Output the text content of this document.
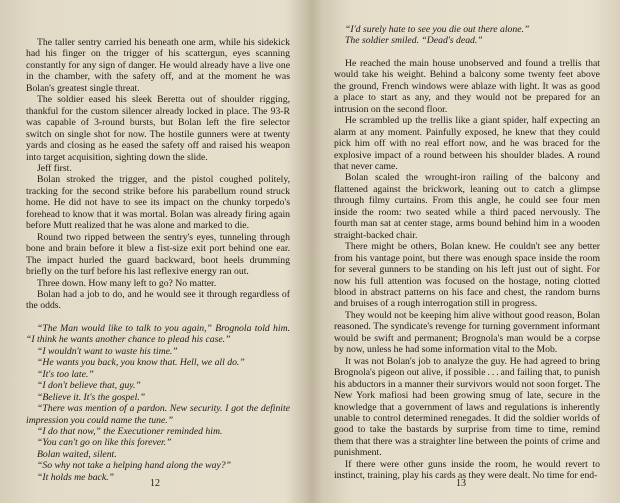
The taller sentry carried his beneath one arm, while his sidekick had his finger on the trigger of his scattergun, eyes scanning constantly for any sign of danger. He would already have a live one in the chamber, with the safety off, and at the moment he was Bolan's greatest single threat.

The soldier eased his sleek Beretta out of shoulder rigging, thankful for the custom silencer already locked in place. The 93-R was capable of 3-round bursts, but Bolan left the fire selector switch on single shot for now. The hostile gunners were at twenty yards and closing as he eased the safety off and raised his weapon into target acquisition, sighting down the slide.

Jeff first.

Bolan stroked the trigger, and the pistol coughed politely, tracking for the second strike before his parabellum round struck home. He did not have to see its impact on the chunky torpedo's forehead to know that it was mortal. Bolan was already firing again before Mutt realized that he was alone and marked to die.

Round two ripped between the sentry's eyes, tunneling through bone and brain before it blew a fist-size exit port behind one ear. The impact hurled the guard backward, boot heels drumming briefly on the turf before his last reflexive energy ran out.

Three down. How many left to go? No matter.

Bolan had a job to do, and he would see it through regardless of the odds.

“The Man would like to talk to you again,” Brognola told him. “I think he wants another chance to plead his case.”

“I wouldn't want to waste his time.”

“He wants you back, you know that. Hell, we all do.”

“It's too late.”

“I don't believe that, guy.”

“Believe it. It's the gospel.”

“There was mention of a pardon. New security. I got the definite impression you could name the tune.”

“I do that now,” the Executioner reminded him.

“You can't go on like this forever.”

Bolan waited, silent.

“So why not take a helping hand along the way?”

“It holds me back.”

12

“I'd surely hate to see you die out there alone.”

The soldier smiled. “Dead's dead.”

He reached the main house unobserved and found a trellis that would take his weight. Behind a balcony some twenty feet above the ground, French windows were ablaze with light. It was as good a place to start as any, and they would not be prepared for an intrusion on the second floor.

He scrambled up the trellis like a giant spider, half expecting an alarm at any moment. Painfully exposed, he knew that they could pick him off with no real effort now, and he was braced for the explosive impact of a round between his shoulder blades. A round that never came.

Bolan scaled the wrought-iron railing of the balcony and flattened against the brickwork, leaning out to catch a glimpse through filmy curtains. From this angle, he could see four men inside the room: two seated while a third paced nervously. The fourth man sat at center stage, arms bound behind him in a wooden straight-backed chair.

There might be others, Bolan knew. He couldn't see any better from his vantage point, but there was enough space inside the room for several gunners to be standing on his left just out of sight. For now his full attention was focused on the hostage, noting clotted blood in abstract patterns on his face and chest, the random burns and bruises of a rough interrogation still in progress.

They would not be keeping him alive without good reason, Bolan reasoned. The syndicate's revenge for turning government informant would be swift and permanent; Brognola's man would be a corpse by now, unless he had some information vital to the Mob.

It was not Bolan's job to analyze the guy. He had agreed to bring Brognola's pigeon out alive, if possible . . . and failing that, to punish his abductors in a manner their survivors would not soon forget. The New York mafiosi had been growing smug of late, secure in the knowledge that a government of laws and regulations is inherently unable to control determined renegades. It did the soldier worlds of good to take the bastards by surprise from time to time, remind them that there was a straighter line between the points of crime and punishment.

If there were other guns inside the room, he would revert to instinct, training, play his cards as they were dealt. No time for end-

13
